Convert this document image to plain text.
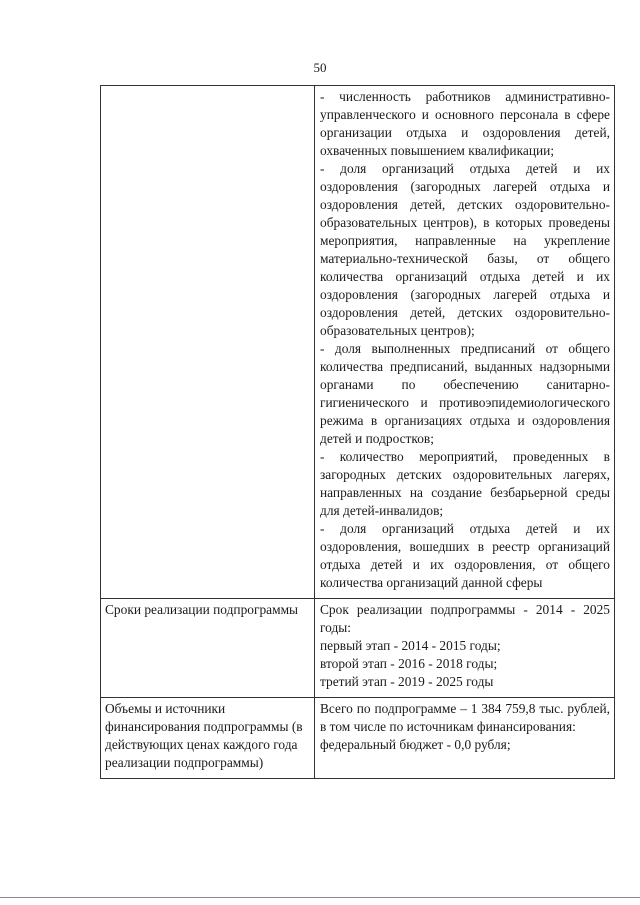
50

	- численность работников административно-управленческого и основного персонала в сфере организации отдыха и оздоровления детей, охваченных повышением квалификации;
- доля организаций отдыха детей и их оздоровления (загородных лагерей отдыха и оздоровления детей, детских оздоровительно-образовательных центров), в которых проведены мероприятия, направленные на укрепление материально-технической базы, от общего количества организаций отдыха детей и их оздоровления (загородных лагерей отдыха и оздоровления детей, детских оздоровительно-образовательных центров);
- доля выполненных предписаний от общего количества предписаний, выданных надзорными органами по обеспечению санитарно-гигиенического и противоэпидемиологического режима в организациях отдыха и оздоровления детей и подростков;
- количество мероприятий, проведенных в загородных детских оздоровительных лагерях, направленных на создание безбарьерной среды для детей-инвалидов;
- доля организаций отдыха детей и их оздоровления, вошедших в реестр организаций отдыха детей и их оздоровления, от общего количества организаций данной сферы

Сроки реализации подпрограммы	Срок реализации подпрограммы - 2014 - 2025 годы:
первый этап - 2014 - 2015 годы;
второй этап - 2016 - 2018 годы;
третий этап - 2019 - 2025 годы

Объемы и источники финансирования подпрограммы (в действующих ценах каждого года реализации подпрограммы)	Всего по подпрограмме – 1 384 759,8 тыс. рублей, в том числе по источникам финансирования:
федеральный бюджет - 0,0 рубля;
